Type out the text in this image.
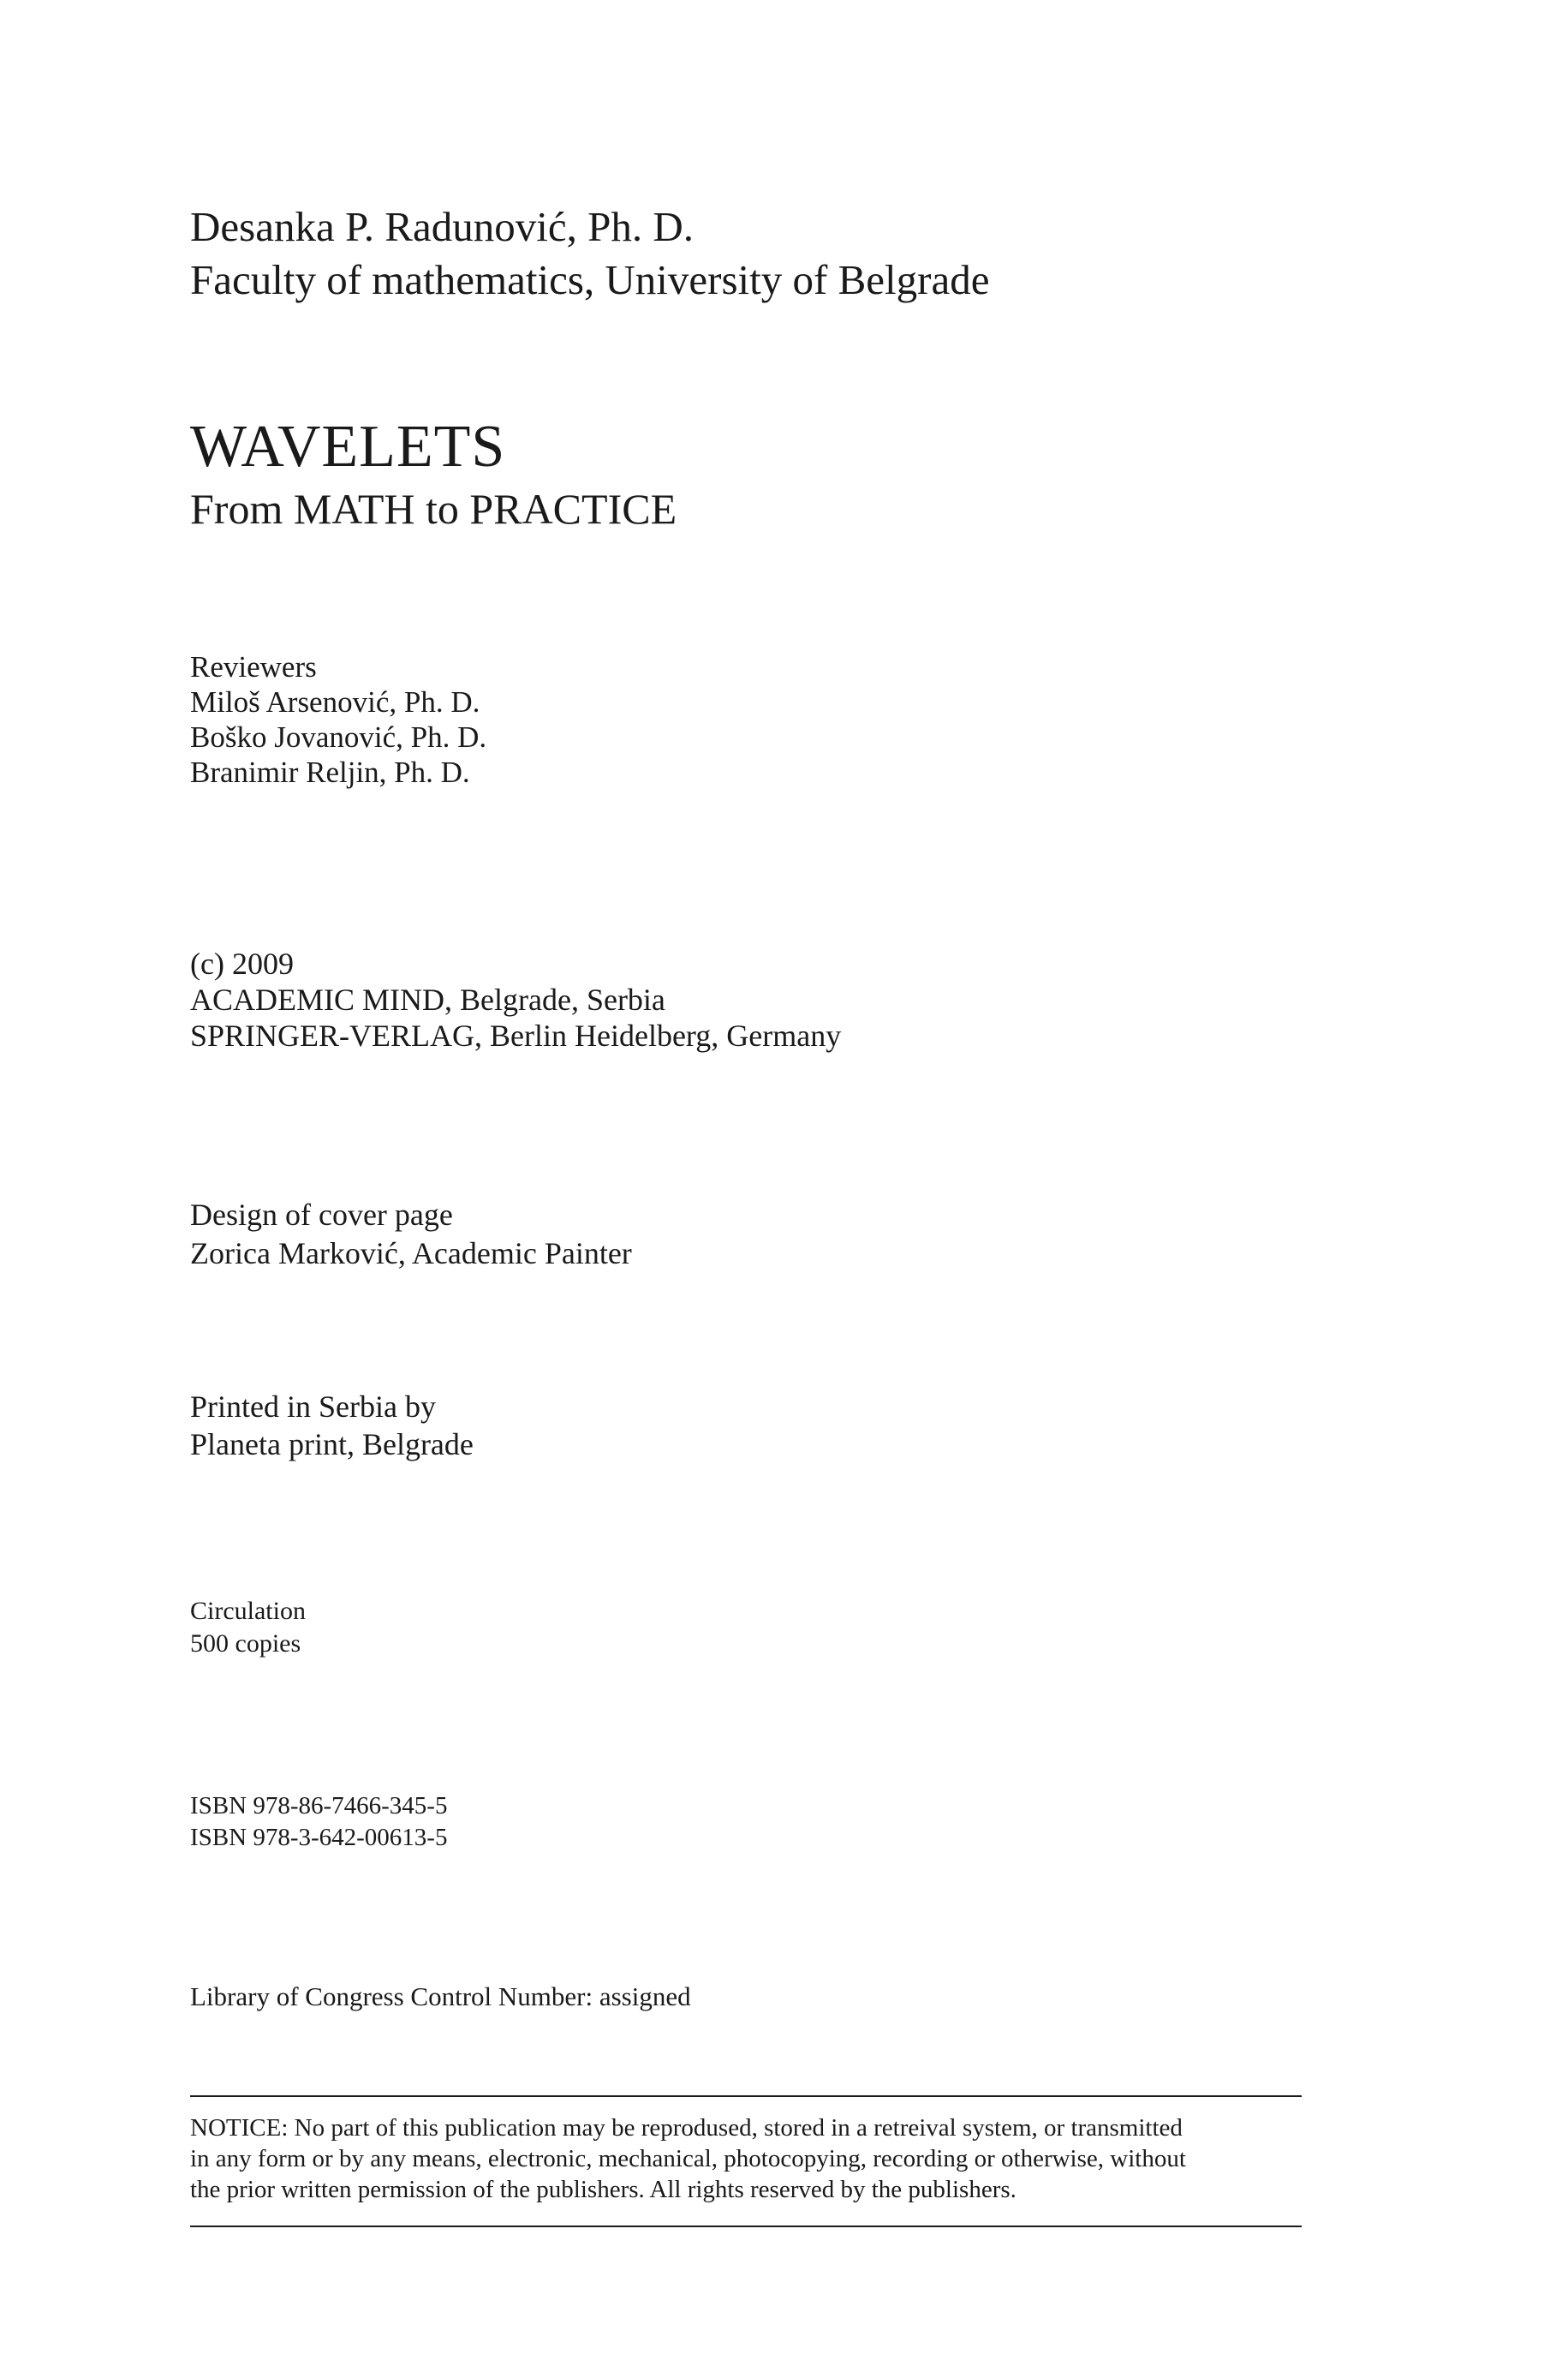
Desanka P. Radunović, Ph. D.

Faculty of mathematics, University of Belgrade

WAVELETS

From MATH to PRACTICE

Reviewers

Miloš Arsenović, Ph. D.

Boško Jovanović, Ph. D.

Branimir Reljin, Ph. D.

(c) 2009

ACADEMIC MIND, Belgrade, Serbia

SPRINGER-VERLAG, Berlin Heidelberg, Germany

Design of cover page

Zorica Marković, Academic Painter

Printed in Serbia by

Planeta print, Belgrade

Circulation

500 copies

ISBN 978-86-7466-345-5

ISBN 978-3-642-00613-5

Library of Congress Control Number: assigned

NOTICE: No part of this publication may be reprodused, stored in a retreival system, or transmitted
in any form or by any means, electronic, mechanical, photocopying, recording or otherwise, without
the prior written permission of the publishers. All rights reserved by the publishers.
